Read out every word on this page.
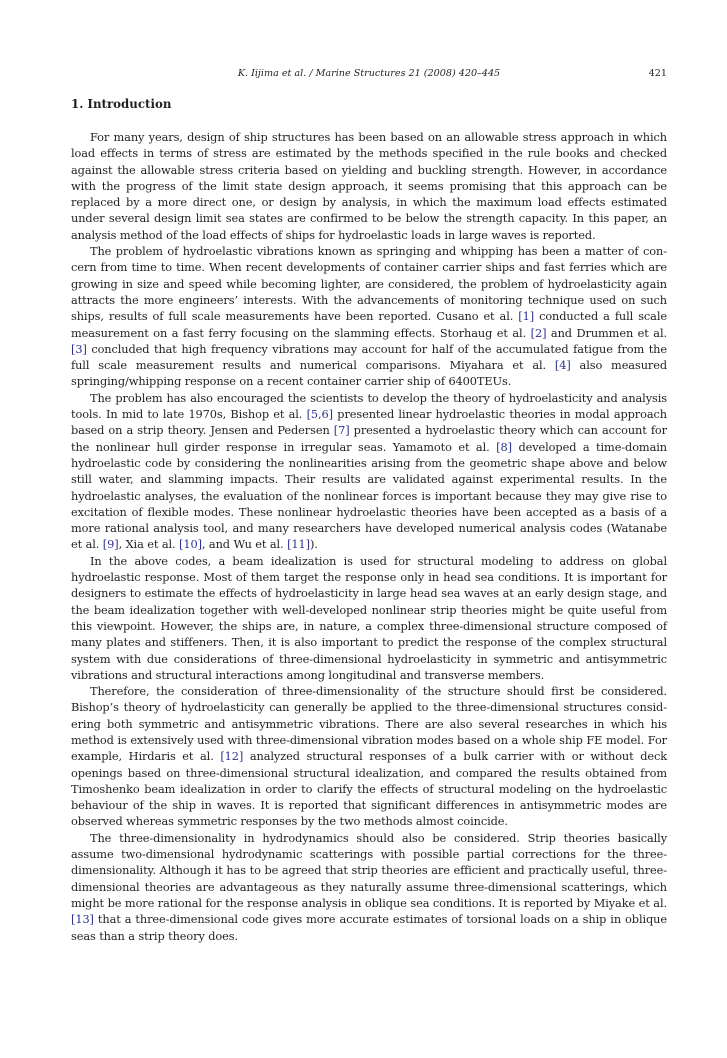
K. Iijima et al. / Marine Structures 21 (2008) 420–445	421
1. Introduction

For many years, design of ship structures has been based on an allowable stress approach in which load effects in terms of stress are estimated by the methods specified in the rule books and checked against the allowable stress criteria based on yielding and buckling strength. However, in accordance with the progress of the limit state design approach, it seems promising that this approach can be replaced by a more direct one, or design by analysis, in which the maximum load effects estimated under several design limit sea states are confirmed to be below the strength capacity. In this paper, an analysis method of the load effects of ships for hydroelastic loads in large waves is reported.

The problem of hydroelastic vibrations known as springing and whipping has been a matter of concern from time to time. When recent developments of container carrier ships and fast ferries which are growing in size and speed while becoming lighter, are considered, the problem of hydroelasticity again attracts the more engineers’ interests. With the advancements of monitoring technique used on such ships, results of full scale measurements have been reported. Cusano et al. [1] conducted a full scale measurement on a fast ferry focusing on the slamming effects. Storhaug et al. [2] and Drummen et al. [3] concluded that high frequency vibrations may account for half of the accumulated fatigue from the full scale measurement results and numerical comparisons. Miyahara et al. [4] also measured springing/whipping response on a recent container carrier ship of 6400TEUs.

The problem has also encouraged the scientists to develop the theory of hydroelasticity and analysis tools. In mid to late 1970s, Bishop et al. [5,6] presented linear hydroelastic theories in modal approach based on a strip theory. Jensen and Pedersen [7] presented a hydroelastic theory which can account for the nonlinear hull girder response in irregular seas. Yamamoto et al. [8] developed a time-domain hydroelastic code by considering the nonlinearities arising from the geometric shape above and below still water, and slamming impacts. Their results are validated against experimental results. In the hydroelastic analyses, the evaluation of the nonlinear forces is important because they may give rise to excitation of flexible modes. These nonlinear hydroelastic theories have been accepted as a basis of a more rational analysis tool, and many researchers have developed numerical analysis codes (Watanabe et al. [9], Xia et al. [10], and Wu et al. [11]).

In the above codes, a beam idealization is used for structural modeling to address on global hydroelastic response. Most of them target the response only in head sea conditions. It is important for designers to estimate the effects of hydroelasticity in large head sea waves at an early design stage, and the beam idealization together with well-developed nonlinear strip theories might be quite useful from this viewpoint. However, the ships are, in nature, a complex three-dimensional structure composed of many plates and stiffeners. Then, it is also important to predict the response of the complex structural system with due considerations of three-dimensional hydroelasticity in symmetric and antisymmetric vibrations and structural interactions among longitudinal and transverse members.

Therefore, the consideration of three-dimensionality of the structure should first be considered. Bishop’s theory of hydroelasticity can generally be applied to the three-dimensional structures considering both symmetric and antisymmetric vibrations. There are also several researches in which his method is extensively used with three-dimensional vibration modes based on a whole ship FE model. For example, Hirdaris et al. [12] analyzed structural responses of a bulk carrier with or without deck openings based on three-dimensional structural idealization, and compared the results obtained from Timoshenko beam idealization in order to clarify the effects of structural modeling on the hydroelastic behaviour of the ship in waves. It is reported that significant differences in antisymmetric modes are observed whereas symmetric responses by the two methods almost coincide.

The three-dimensionality in hydrodynamics should also be considered. Strip theories basically assume two-dimensional hydrodynamic scatterings with possible partial corrections for the three-dimensionality. Although it has to be agreed that strip theories are efficient and practically useful, three-dimensional theories are advantageous as they naturally assume three-dimensional scatterings, which might be more rational for the response analysis in oblique sea conditions. It is reported by Miyake et al. [13] that a three-dimensional code gives more accurate estimates of torsional loads on a ship in oblique seas than a strip theory does.
